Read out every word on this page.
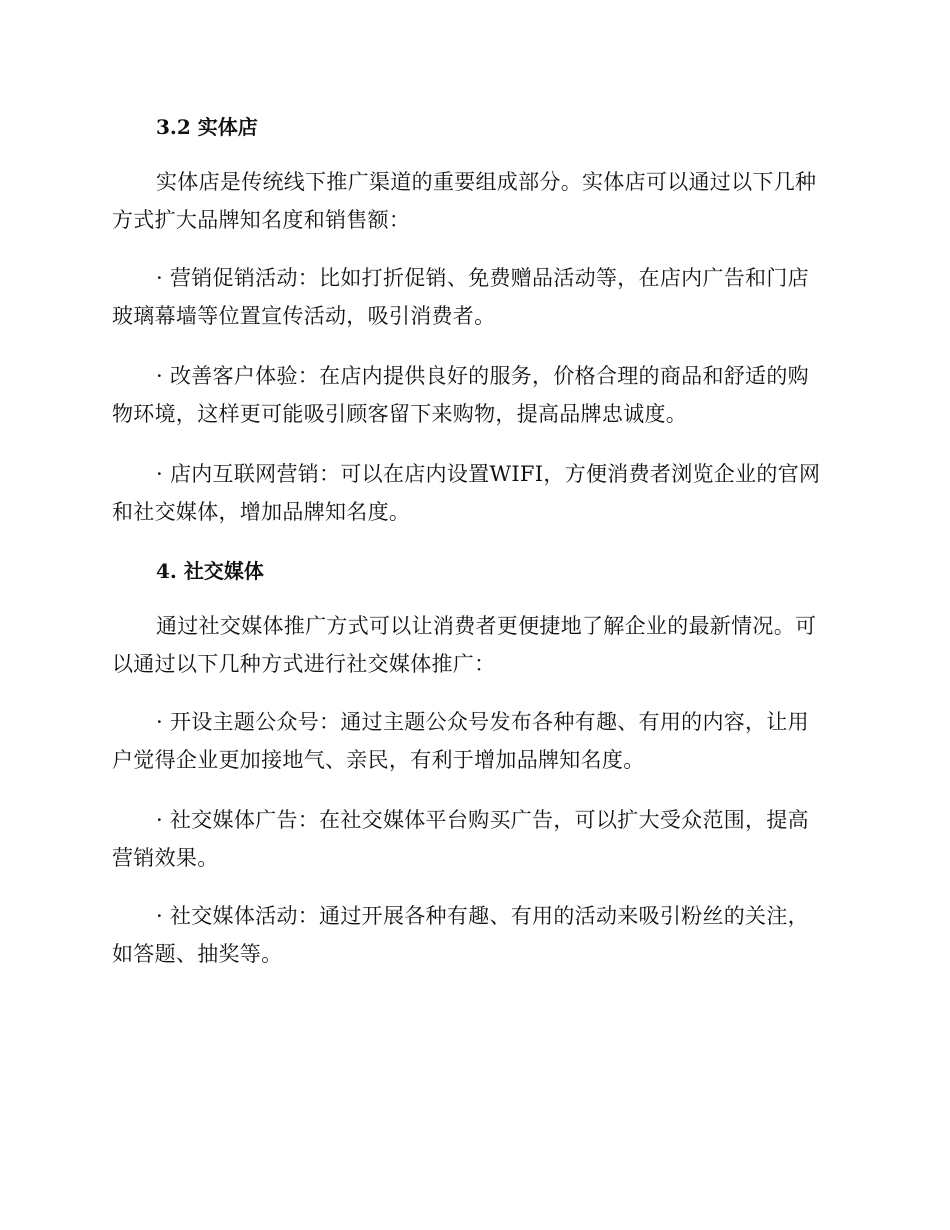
3.2 实体店

实体店是传统线下推广渠道的重要组成部分。实体店可以通过以下几种方式扩大品牌知名度和销售额：

· 营销促销活动：比如打折促销、免费赠品活动等，在店内广告和门店玻璃幕墙等位置宣传活动，吸引消费者。

· 改善客户体验：在店内提供良好的服务，价格合理的商品和舒适的购物环境，这样更可能吸引顾客留下来购物，提高品牌忠诚度。

· 店内互联网营销：可以在店内设置WIFI，方便消费者浏览企业的官网和社交媒体，增加品牌知名度。

4. 社交媒体

通过社交媒体推广方式可以让消费者更便捷地了解企业的最新情况。可以通过以下几种方式进行社交媒体推广：

· 开设主题公众号：通过主题公众号发布各种有趣、有用的内容，让用户觉得企业更加接地气、亲民，有利于增加品牌知名度。

· 社交媒体广告：在社交媒体平台购买广告，可以扩大受众范围，提高营销效果。

· 社交媒体活动：通过开展各种有趣、有用的活动来吸引粉丝的关注，如答题、抽奖等。
